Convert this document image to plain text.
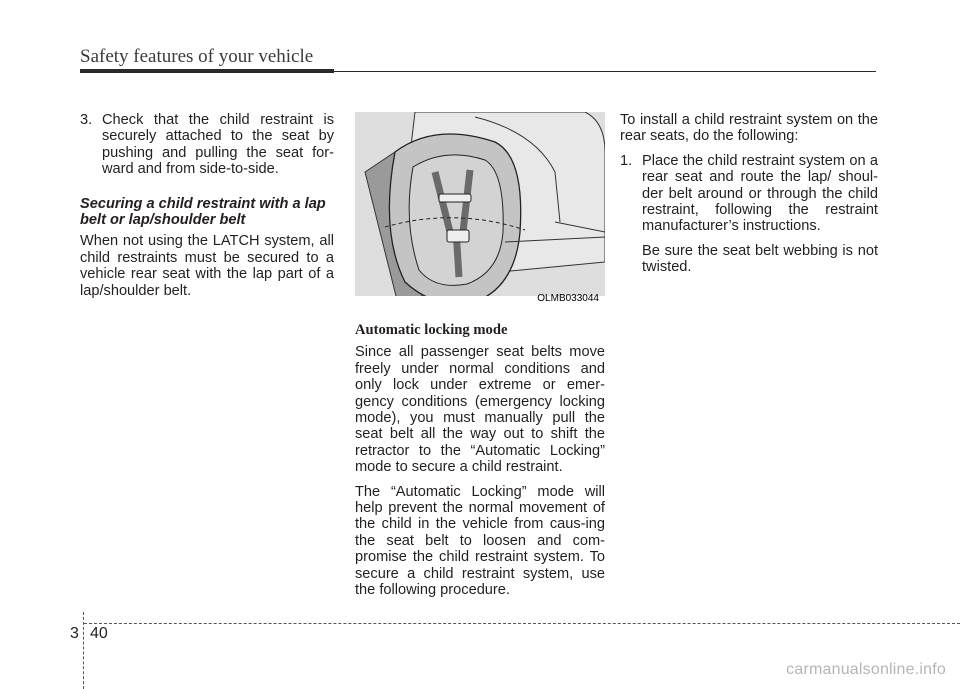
Safety features of your vehicle
3. Check that the child restraint is securely attached to the seat by pushing and pulling the seat for-ward and from side-to-side.
Securing a child restraint with a lap belt or lap/shoulder belt

When not using the LATCH system, all child restraints must be secured to a vehicle rear seat with the lap part of a lap/shoulder belt.	OLMB033044
Automatic locking mode

Since all passenger seat belts move freely under normal conditions and only lock under extreme or emer-gency conditions (emergency locking mode), you must manually pull the seat belt all the way out to shift the retractor to the “Automatic Locking” mode to secure a child restraint.

The “Automatic Locking” mode will help prevent the normal movement of the child in the vehicle from caus-ing the seat belt to loosen and com-promise the child restraint system. To secure a child restraint system, use the following procedure.

To install a child restraint system on the rear seats, do the following:

1. Place the child restraint system on a rear seat and route the lap/ shoul-der belt around or through the child restraint, following the restraint manufacturer’s instructions.

Be sure the seat belt webbing is not twisted.

3 40
carmanualsonline.info
